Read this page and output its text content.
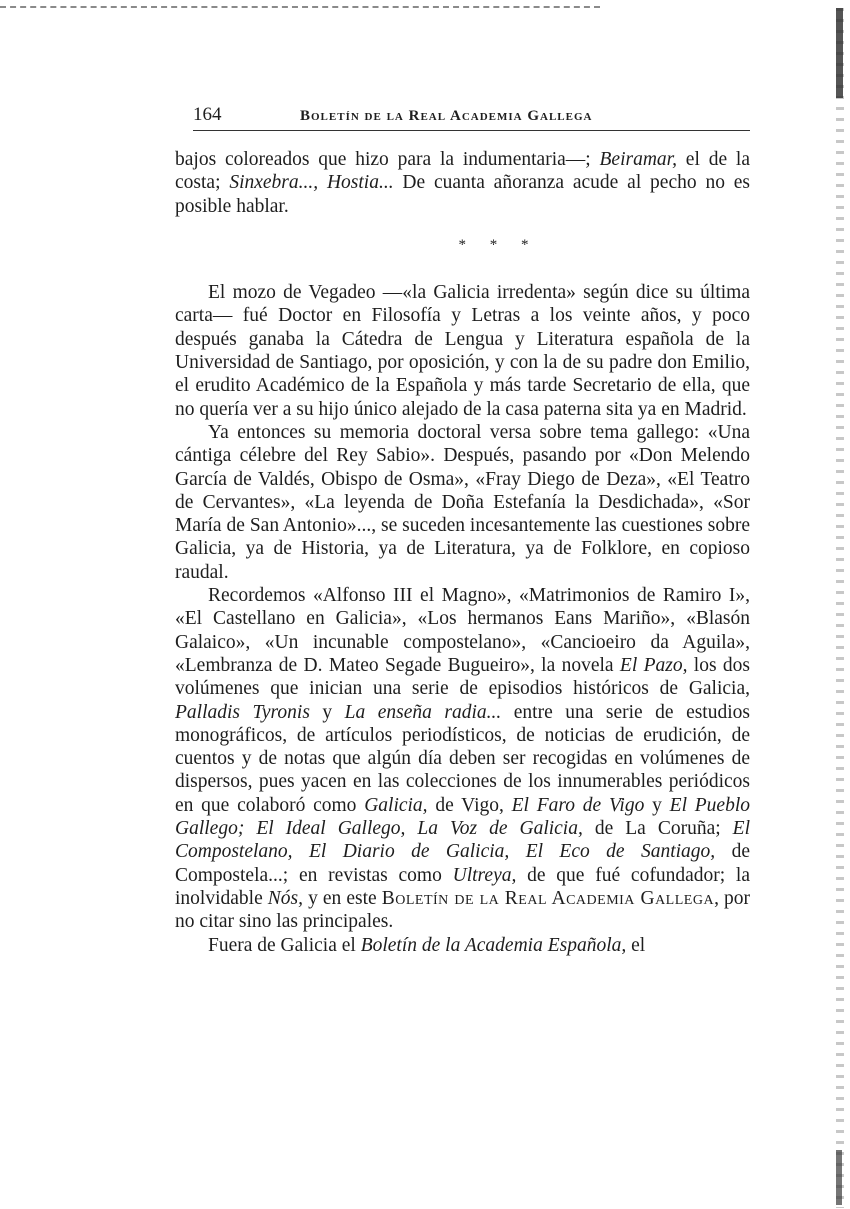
164	Boletín de la Real Academia Gallega

bajos coloreados que hizo para la indumentaria—; Beiramar, el de la costa; Sinxebra..., Hostia... De cuanta añoranza acude al pecho no es posible hablar.

* * *

El mozo de Vegadeo —«la Galicia irredenta» según dice su última carta— fué Doctor en Filosofía y Letras a los veinte años, y poco después ganaba la Cátedra de Lengua y Literatura española de la Universidad de Santiago, por oposición, y con la de su padre don Emilio, el erudito Académico de la Española y más tarde Secretario de ella, que no quería ver a su hijo único alejado de la casa paterna sita ya en Madrid.

Ya entonces su memoria doctoral versa sobre tema gallego: «Una cántiga célebre del Rey Sabio». Después, pasando por «Don Melendo García de Valdés, Obispo de Osma», «Fray Diego de Deza», «El Teatro de Cervantes», «La leyenda de Doña Estefanía la Desdichada», «Sor María de San Antonio»..., se suceden incesantemente las cuestiones sobre Galicia, ya de Historia, ya de Literatura, ya de Folklore, en copioso raudal.

Recordemos «Alfonso III el Magno», «Matrimonios de Ramiro I», «El Castellano en Galicia», «Los hermanos Eans Mariño», «Blasón Galaico», «Un incunable compostelano», «Cancioeiro da Aguila», «Lembranza de D. Mateo Segade Bugueiro», la novela El Pazo, los dos volúmenes que inician una serie de episodios históricos de Galicia, Palladis Tyronis y La enseña radia... entre una serie de estudios monográficos, de artículos periodísticos, de noticias de erudición, de cuentos y de notas que algún día deben ser recogidas en volúmenes de dispersos, pues yacen en las colecciones de los innumerables periódicos en que colaboró como Galicia, de Vigo, El Faro de Vigo y El Pueblo Gallego; El Ideal Gallego, La Voz de Galicia, de La Coruña; El Compostelano, El Diario de Galicia, El Eco de Santiago, de Compostela...; en revistas como Ultreya, de que fué cofundador; la inolvidable Nós, y en este Boletín de la Real Academia Gallega, por no citar sino las principales.

Fuera de Galicia el Boletín de la Academia Española, el
